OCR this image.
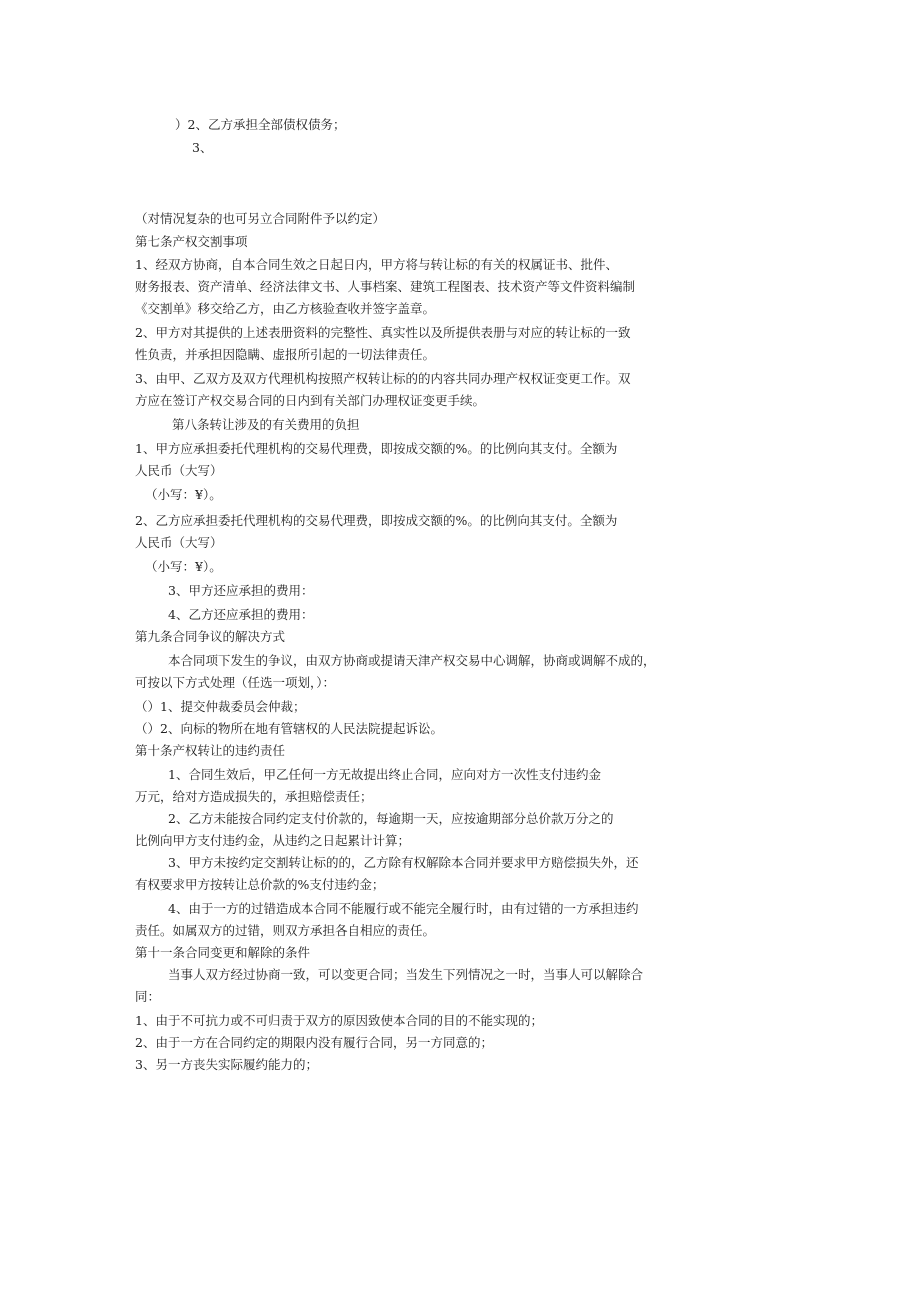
）2、乙方承担全部债权债务；
3、
（对情况复杂的也可另立合同附件予以约定）
第七条产权交割事项
1、经双方协商，自本合同生效之日起日内，甲方将与转让标的有关的权属证书、批件、
财务报表、资产清单、经济法律文书、人事档案、建筑工程图表、技术资产等文件资料编制
《交割单》移交给乙方，由乙方核验查收并签字盖章。
2、甲方对其提供的上述表册资料的完整性、真实性以及所提供表册与对应的转让标的一致
性负责，并承担因隐瞒、虚报所引起的一切法律责任。
3、由甲、乙双方及双方代理机构按照产权转让标的的内容共同办理产权权证变更工作。双
方应在签订产权交易合同的日内到有关部门办理权证变更手续。
第八条转让涉及的有关费用的负担
1、甲方应承担委托代理机构的交易代理费，即按成交额的%。的比例向其支付。全额为
人民币（大写）
（小写：¥）。
2、乙方应承担委托代理机构的交易代理费，即按成交额的%。的比例向其支付。全额为
人民币（大写）
（小写：¥）。
3、甲方还应承担的费用：
4、乙方还应承担的费用：
第九条合同争议的解决方式
本合同项下发生的争议，由双方协商或提请天津产权交易中心调解，协商或调解不成的，
可按以下方式处理（任选一项划，）：
（）1、提交仲裁委员会仲裁；
（）2、向标的物所在地有管辖权的人民法院提起诉讼。
第十条产权转让的违约责任
1、合同生效后，甲乙任何一方无故提出终止合同，应向对方一次性支付违约金
万元，给对方造成损失的，承担赔偿责任；
2、乙方未能按合同约定支付价款的，每逾期一天，应按逾期部分总价款万分之的
比例向甲方支付违约金，从违约之日起累计计算；
3、甲方未按约定交割转让标的的，乙方除有权解除本合同并要求甲方赔偿损失外，还
有权要求甲方按转让总价款的%支付违约金；
4、由于一方的过错造成本合同不能履行或不能完全履行时，由有过错的一方承担违约
责任。如属双方的过错，则双方承担各自相应的责任。
第十一条合同变更和解除的条件
当事人双方经过协商一致，可以变更合同；当发生下列情况之一时，当事人可以解除合
同：
1、由于不可抗力或不可归责于双方的原因致使本合同的目的不能实现的；
2、由于一方在合同约定的期限内没有履行合同，另一方同意的；
3、另一方丧失实际履约能力的；
